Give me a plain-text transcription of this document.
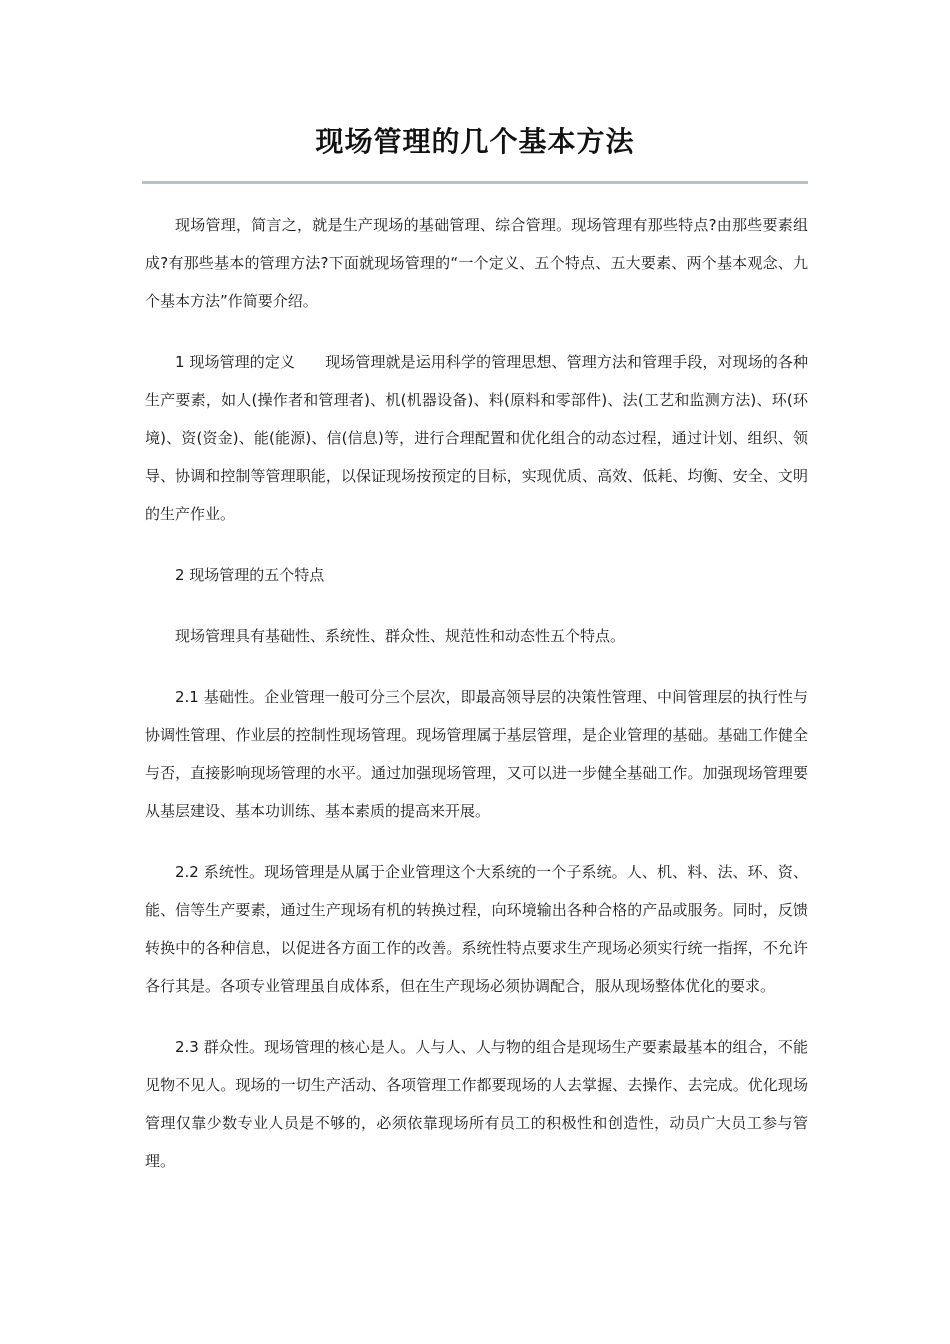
现场管理的几个基本方法

现场管理，简言之，就是生产现场的基础管理、综合管理。现场管理有那些特点?由那些要素组成?有那些基本的管理方法?下面就现场管理的“一个定义、五个特点、五大要素、两个基本观念、九个基本方法”作简要介绍。

1 现场管理的定义　　现场管理就是运用科学的管理思想、管理方法和管理手段，对现场的各种生产要素，如人(操作者和管理者)、机(机器设备)、料(原料和零部件)、法(工艺和监测方法)、环(环境)、资(资金)、能(能源)、信(信息)等，进行合理配置和优化组合的动态过程，通过计划、组织、领导、协调和控制等管理职能，以保证现场按预定的目标，实现优质、高效、低耗、均衡、安全、文明的生产作业。

2 现场管理的五个特点

现场管理具有基础性、系统性、群众性、规范性和动态性五个特点。

2.1 基础性。企业管理一般可分三个层次，即最高领导层的决策性管理、中间管理层的执行性与协调性管理、作业层的控制性现场管理。现场管理属于基层管理，是企业管理的基础。基础工作健全与否，直接影响现场管理的水平。通过加强现场管理，又可以进一步健全基础工作。加强现场管理要从基层建设、基本功训练、基本素质的提高来开展。

2.2 系统性。现场管理是从属于企业管理这个大系统的一个子系统。人、机、料、法、环、资、能、信等生产要素，通过生产现场有机的转换过程，向环境输出各种合格的产品或服务。同时，反馈转换中的各种信息，以促进各方面工作的改善。系统性特点要求生产现场必须实行统一指挥，不允许各行其是。各项专业管理虽自成体系，但在生产现场必须协调配合，服从现场整体优化的要求。

2.3 群众性。现场管理的核心是人。人与人、人与物的组合是现场生产要素最基本的组合，不能见物不见人。现场的一切生产活动、各项管理工作都要现场的人去掌握、去操作、去完成。优化现场管理仅靠少数专业人员是不够的，必须依靠现场所有员工的积极性和创造性，动员广大员工参与管理。
